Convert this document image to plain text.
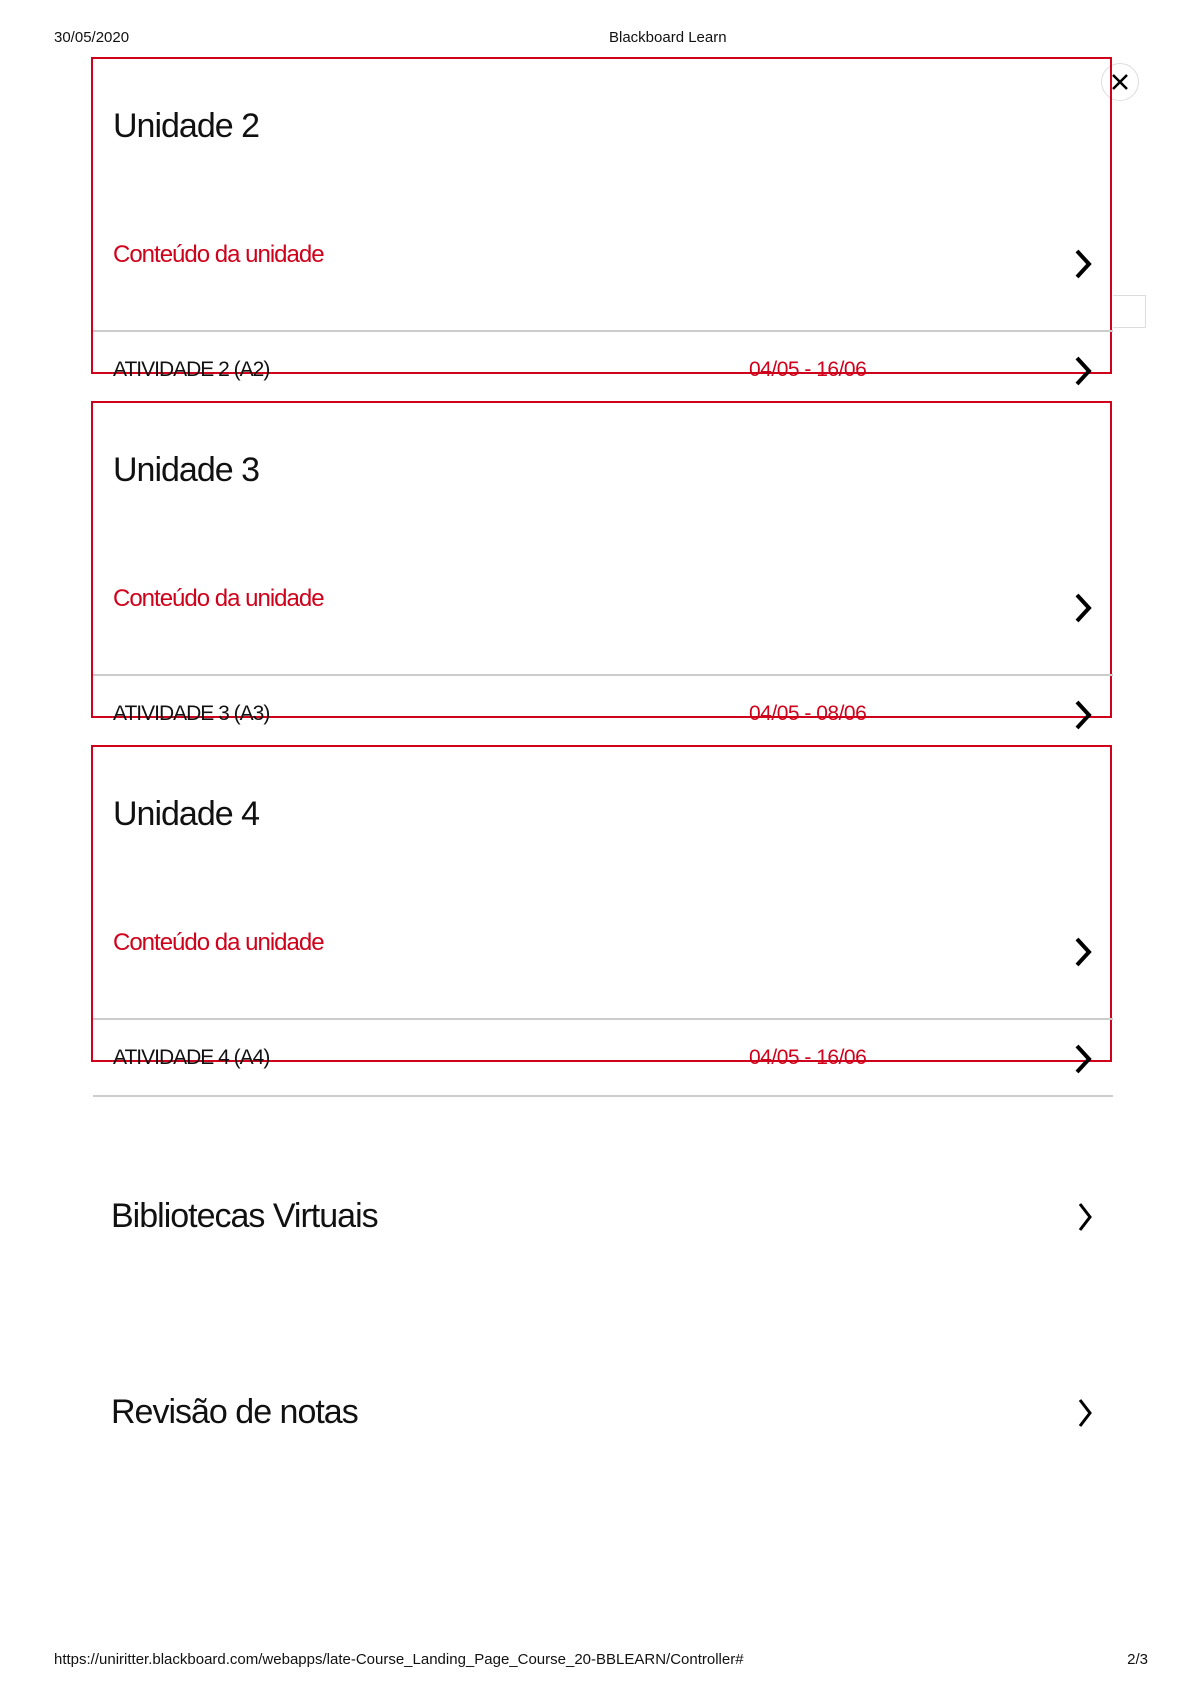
30/05/2020	Blackboard Learn
Unidade 2
Conteúdo da unidade
ATIVIDADE 2 (A2)	04/05 - 16/06
Unidade 3
Conteúdo da unidade
ATIVIDADE 3 (A3)	04/05 - 08/06
Unidade 4
Conteúdo da unidade
ATIVIDADE 4 (A4)	04/05 - 16/06
Bibliotecas Virtuais
Revisão de notas
https://uniritter.blackboard.com/webapps/late-Course_Landing_Page_Course_20-BBLEARN/Controller#	2/3
